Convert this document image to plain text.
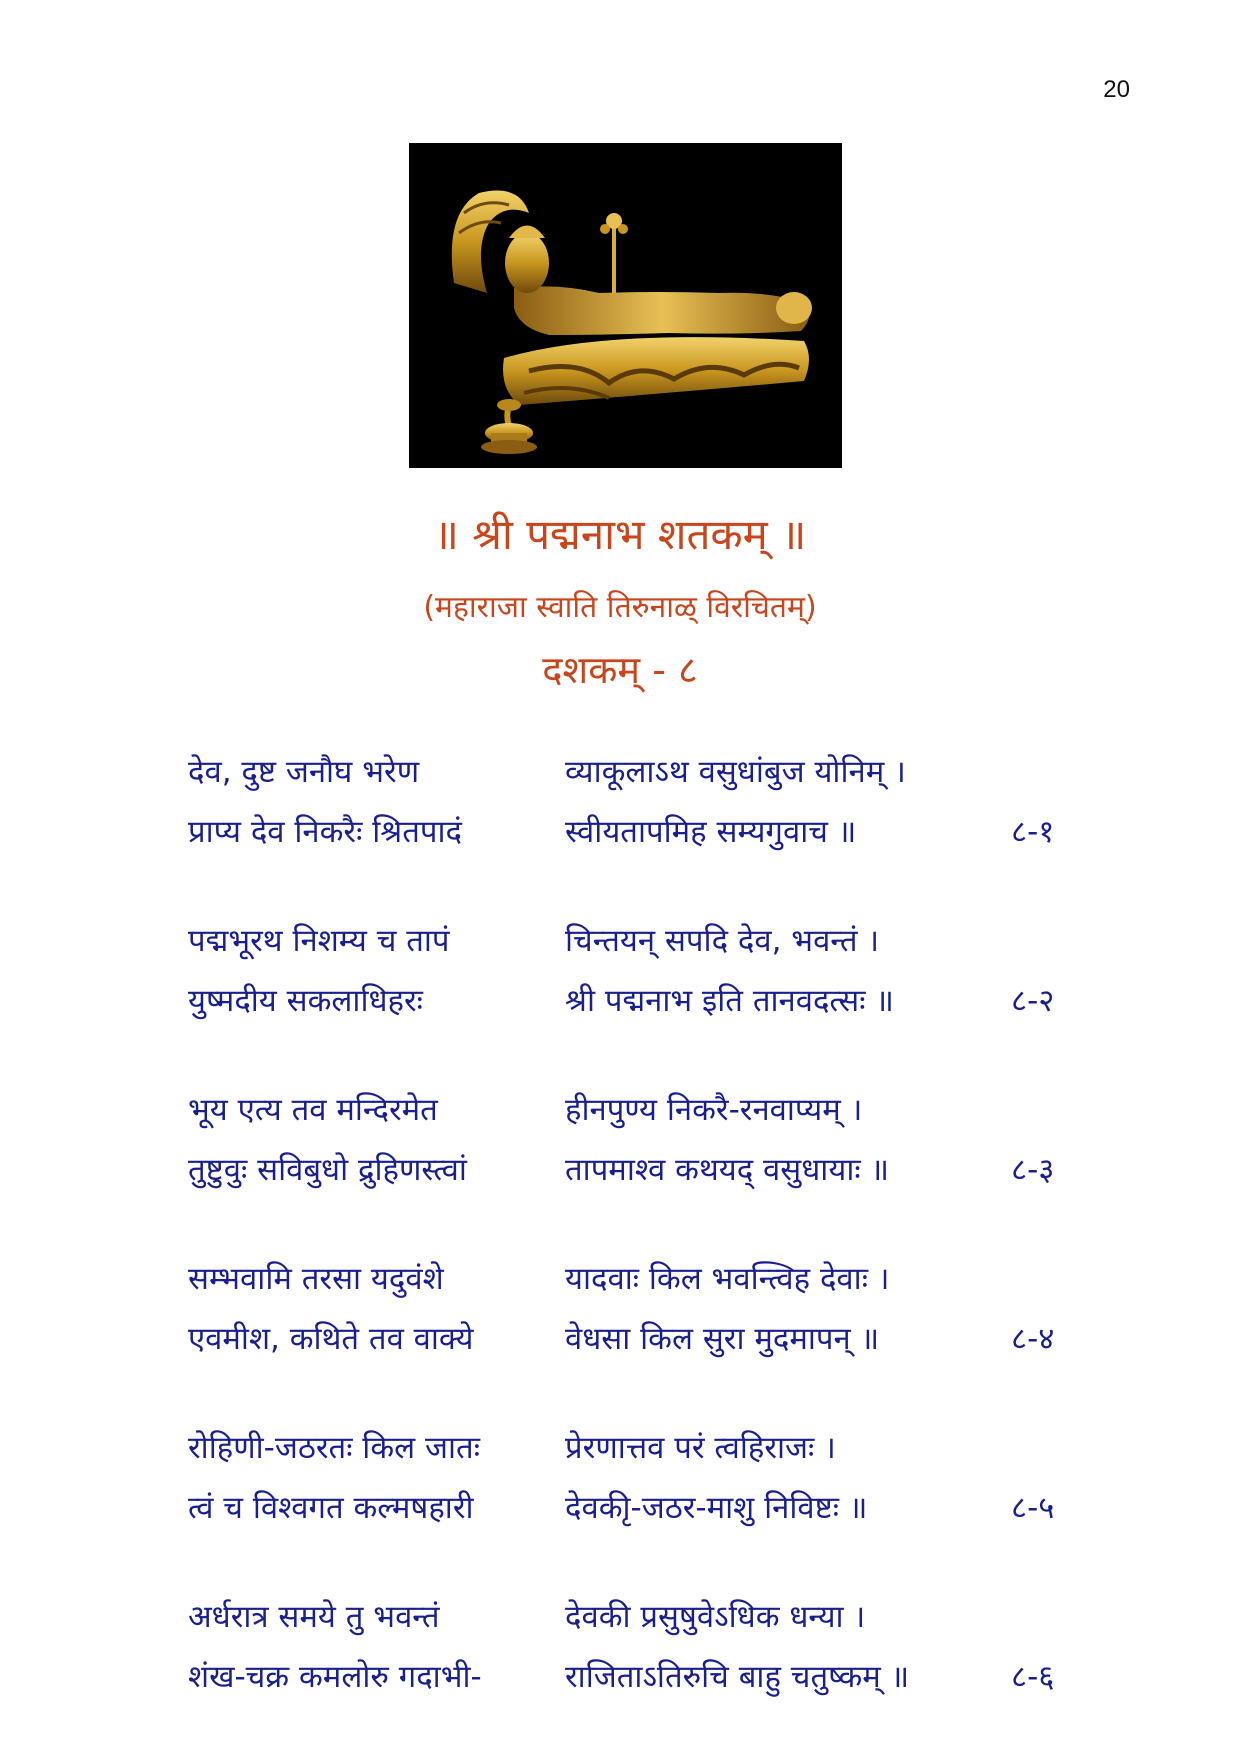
20
॥ श्री पद्मनाभ शतकम् ॥
(महाराजा स्वाति तिरुनाळ् विरचितम्)
दशकम् - ८
देव, दुष्ट जनौघ भरेण	व्याकूलाऽथ वसुधांबुज योनिम् ।
प्राप्य देव निकरैः श्रितपादं	स्वीयतापमिह सम्यगुवाच ॥	८-१
पद्मभूरथ निशम्य च तापं	चिन्तयन् सपदि देव, भवन्तं ।
युष्मदीय सकलाधिहरः	श्री पद्मनाभ इति तानवदत्सः ॥	८-२
भूय एत्य तव मन्दिरमेत	हीनपुण्य निकरै-रनवाप्यम् ।
तुष्टुवुः सविबुधो द्रुहिणस्त्वां	तापमाश्व कथयद् वसुधायाः ॥	८-३
सम्भवामि तरसा यदुवंशे	यादवाः किल भवन्त्विह देवाः ।
एवमीश, कथिते तव वाक्ये	वेधसा किल सुरा मुदमापन् ॥	८-४
रोहिणी-जठरतः किल जातः	प्रेरणात्तव परं त्वहिराजः ।
त्वं च विश्वगत कल्मषहारी	देवकीृ-जठर-माशु निविष्टः ॥	८-५
अर्धरात्र समये तु भवन्तं	देवकी प्रसुषुवेऽधिक धन्या ।
शंख-चक्र कमलोरु गदाभी-	राजिताऽतिरुचि बाहु चतुष्कम् ॥	८-६
